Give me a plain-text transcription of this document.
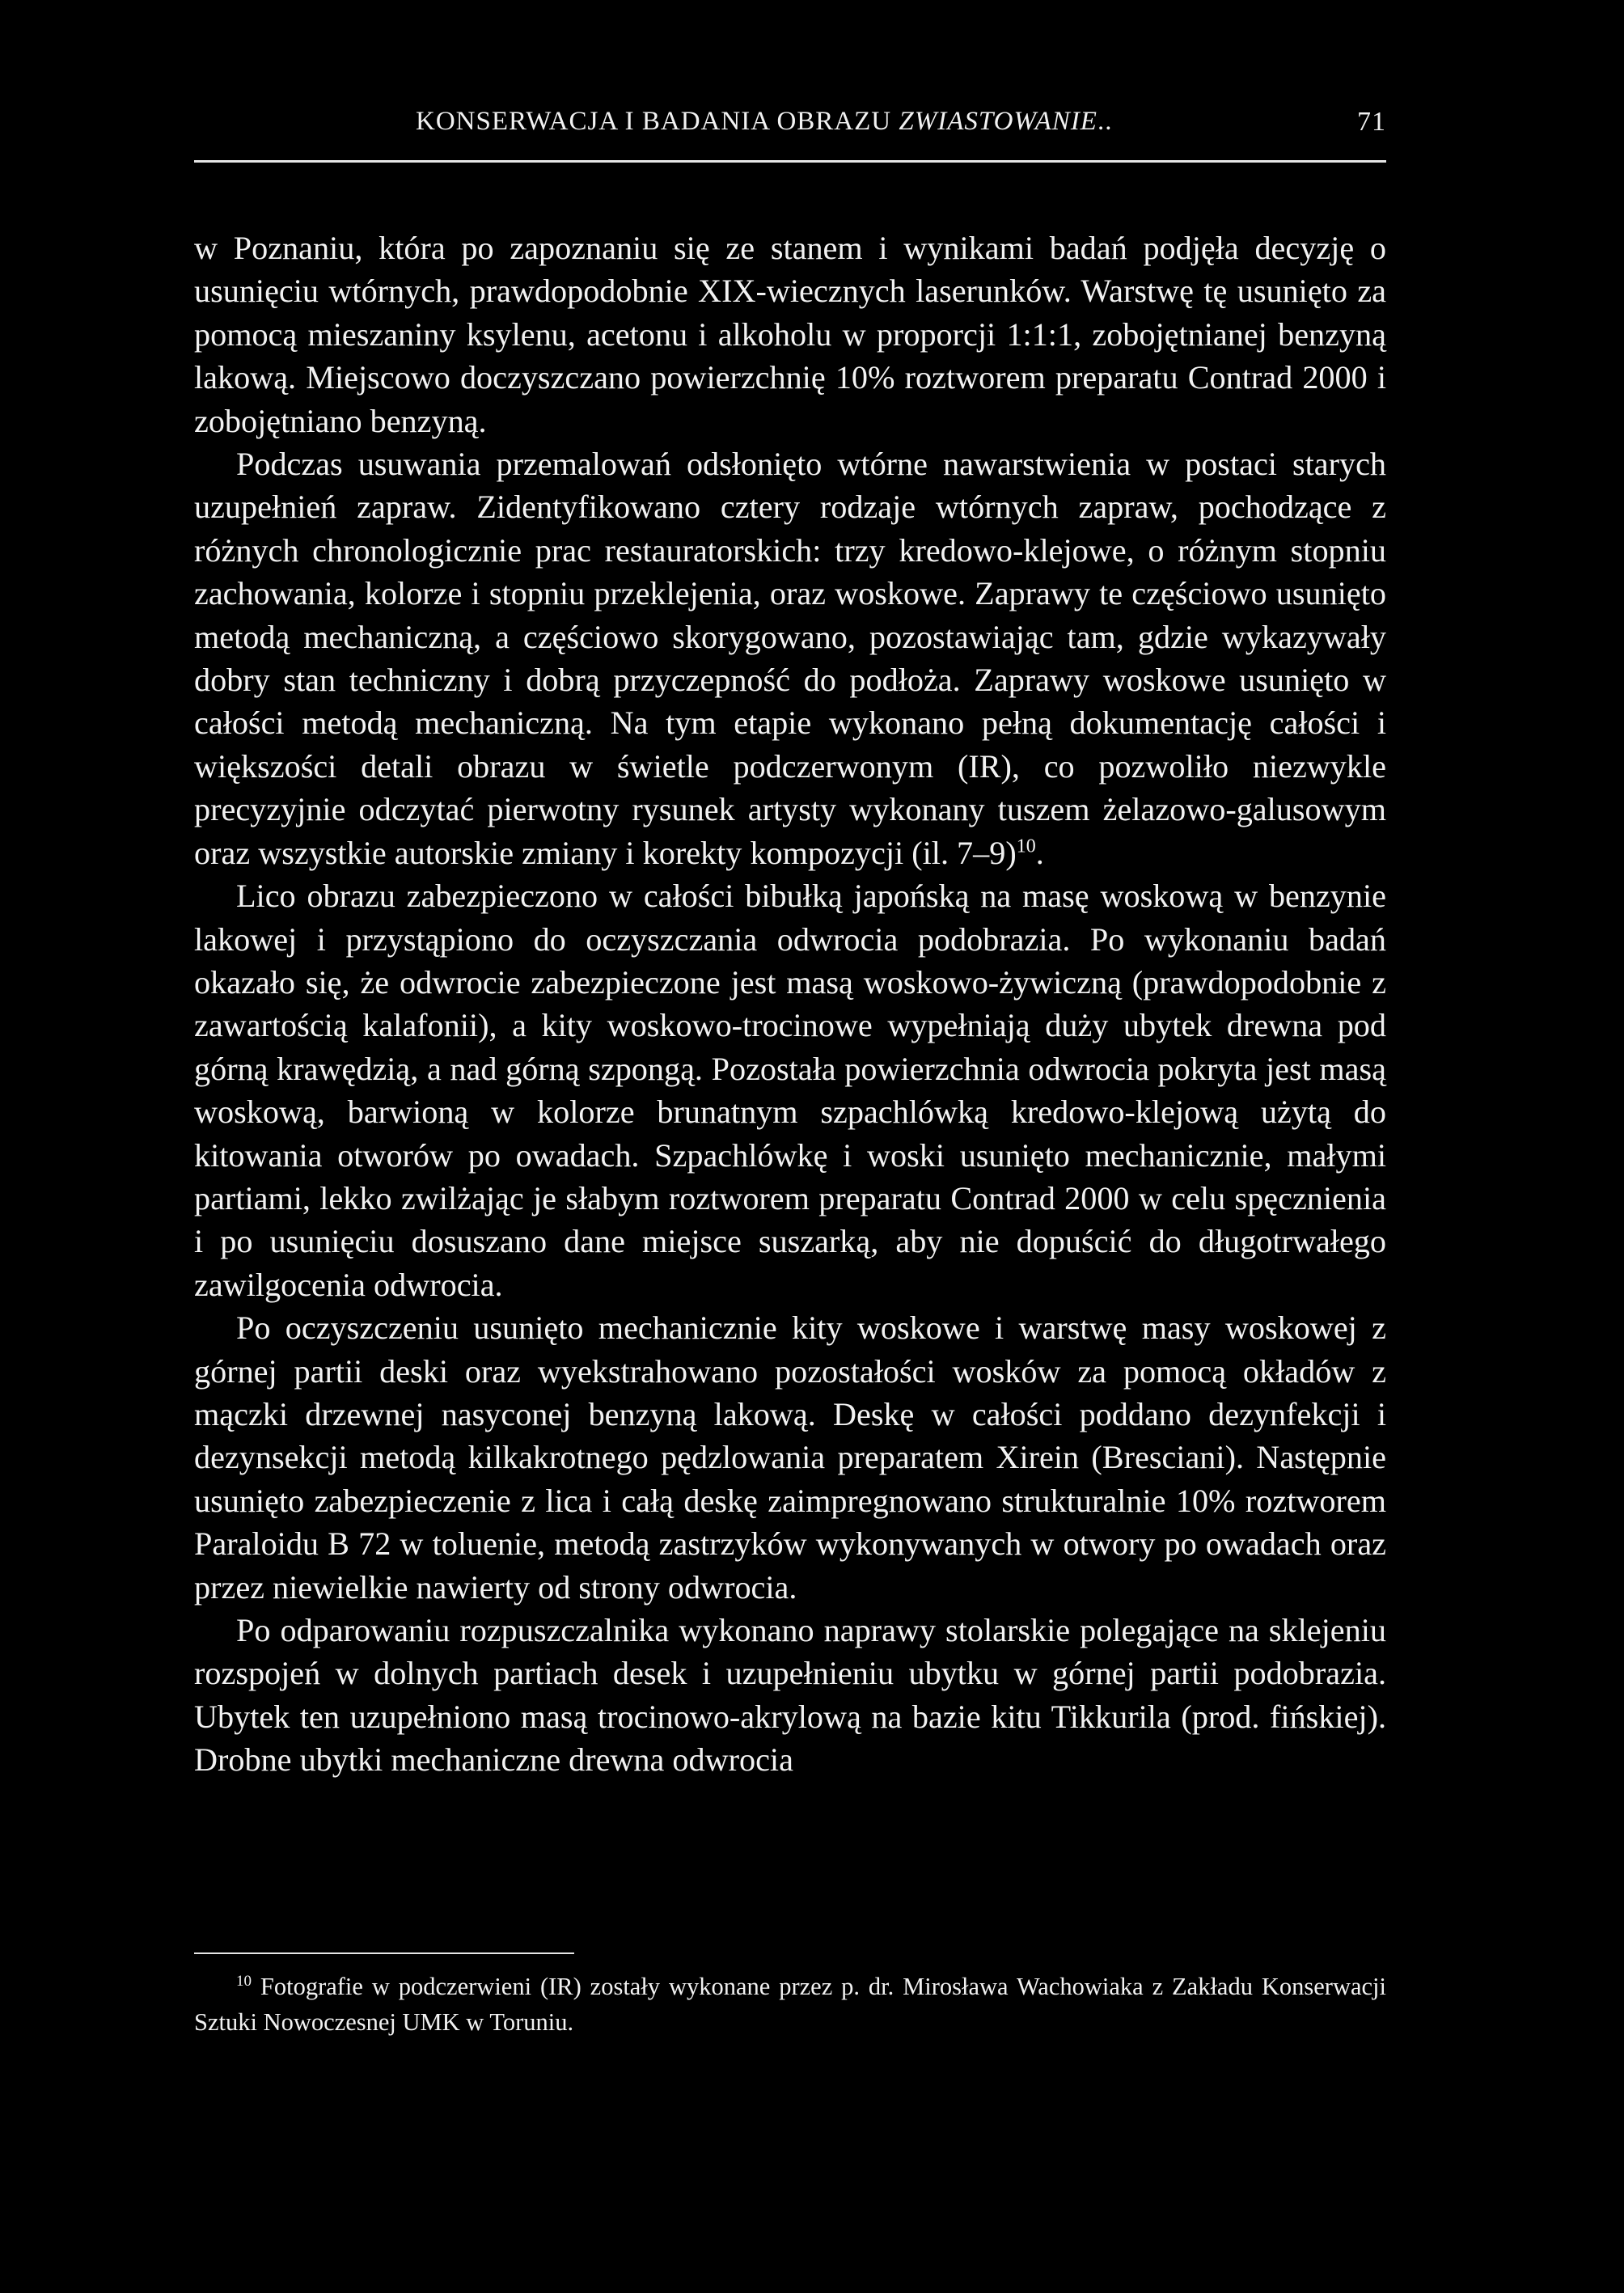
KONSERWACJA I BADANIA OBRAZU ZWIASTOWANIE..	71

w Poznaniu, która po zapoznaniu się ze stanem i wynikami badań podjęła decyzję o usunięciu wtórnych, prawdopodobnie XIX-wiecznych laserunków. Warstwę tę usunięto za pomocą mieszaniny ksylenu, acetonu i alkoholu w proporcji 1:1:1, zobojętnianej benzyną lakową. Miejscowo doczyszczano powierzchnię 10% roztworem preparatu Contrad 2000 i zobojętniano benzyną.

Podczas usuwania przemalowań odsłonięto wtórne nawarstwienia w postaci starych uzupełnień zapraw. Zidentyfikowano cztery rodzaje wtórnych zapraw, pochodzące z różnych chronologicznie prac restauratorskich: trzy kredowo-klejowe, o różnym stopniu zachowania, kolorze i stopniu przeklejenia, oraz woskowe. Zaprawy te częściowo usunięto metodą mechaniczną, a częściowo skorygowano, pozostawiając tam, gdzie wykazywały dobry stan techniczny i dobrą przyczepność do podłoża. Zaprawy woskowe usunięto w całości metodą mechaniczną. Na tym etapie wykonano pełną dokumentację całości i większości detali obrazu w świetle podczerwonym (IR), co pozwoliło niezwykle precyzyjnie odczytać pierwotny rysunek artysty wykonany tuszem żelazowo-galusowym oraz wszystkie autorskie zmiany i korekty kompozycji (il. 7–9)$^{10}$.

Lico obrazu zabezpieczono w całości bibułką japońską na masę woskową w benzynie lakowej i przystąpiono do oczyszczania odwrocia podobrazia. Po wykonaniu badań okazało się, że odwrocie zabezpieczone jest masą woskowo-żywiczną (prawdopodobnie z zawartością kalafonii), a kity woskowo-trocinowe wypełniają duży ubytek drewna pod górną krawędzią, a nad górną szpongą. Pozostała powierzchnia odwrocia pokryta jest masą woskową, barwioną w kolorze brunatnym szpachlówką kredowo-klejową użytą do kitowania otworów po owadach. Szpachlówkę i woski usunięto mechanicznie, małymi partiami, lekko zwilżając je słabym roztworem preparatu Contrad 2000 w celu spęcznienia i po usunięciu dosuszano dane miejsce suszarką, aby nie dopuścić do długotrwałego zawilgocenia odwrocia.

Po oczyszczeniu usunięto mechanicznie kity woskowe i warstwę masy woskowej z górnej partii deski oraz wyekstrahowano pozostałości wosków za pomocą okładów z mączki drzewnej nasyconej benzyną lakową. Deskę w całości poddano dezynfekcji i dezynsekcji metodą kilkakrotnego pędzlowania preparatem Xirein (Bresciani). Następnie usunięto zabezpieczenie z lica i całą deskę zaimpregnowano strukturalnie 10% roztworem Paraloidu B 72 w toluenie, metodą zastrzyków wykonywanych w otwory po owadach oraz przez niewielkie nawierty od strony odwrocia.

Po odparowaniu rozpuszczalnika wykonano naprawy stolarskie polegające na sklejeniu rozspojeń w dolnych partiach desek i uzupełnieniu ubytku w górnej partii podobrazia. Ubytek ten uzupełniono masą trocinowo-akrylową na bazie kitu Tikkurila (prod. fińskiej). Drobne ubytki mechaniczne drewna odwrocia

$^{10}$ Fotografie w podczerwieni (IR) zostały wykonane przez p. dr. Mirosława Wachowiaka z Zakładu Konserwacji Sztuki Nowoczesnej UMK w Toruniu.
